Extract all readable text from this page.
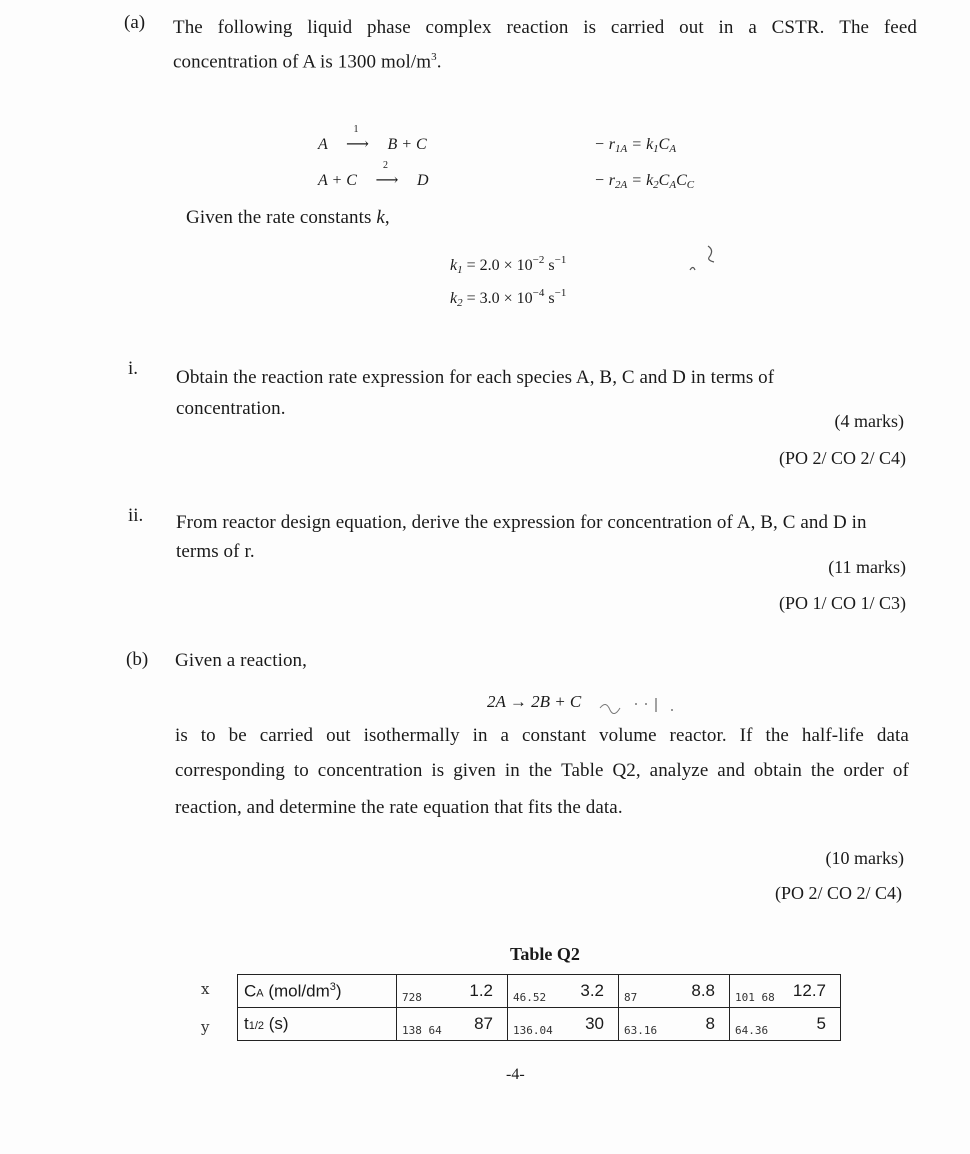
(a) The following liquid phase complex reaction is carried out in a CSTR. The feed
concentration of A is 1300 mol/$m^3$.
A
1
⟶ B + C	− $r_{1A} = k_1C_A$
A + C
2
⟶ D	− $r_{2A} = k_2C_AC_C$
Given the rate constants k,
$k_1 = 2.0 \times 10^{-2}$ $s^{-1}$
$k_2 = 3.0 \times 10^{-4}$ $s^{-1}$
i. Obtain the reaction rate expression for each species A, B, C and D in terms of
concentration.
(4 marks)
(PO 2/ CO 2/ C4)
ii. From reactor design equation, derive the expression for concentration of A, B, C and D in
terms of r.
(11 marks)
(PO 1/ CO 1/ C3)
(b) Given a reaction,
2A → 2B + C
is to be carried out isothermally in a constant volume reactor. If the half-life data
corresponding to concentration is given in the Table Q2, analyze and obtain the order of
reaction, and determine the rate equation that fits the data.
(10 marks)
(PO 2/ CO 2/ C4)
Table Q2
x
y
CA $(mol/dm^3)$	728 1.2	46.52 3.2	87 8.8	101 68 12.7
t1/2 (s)	138 64 87	136.04 30	63.16 8	64.36 5
-4-
